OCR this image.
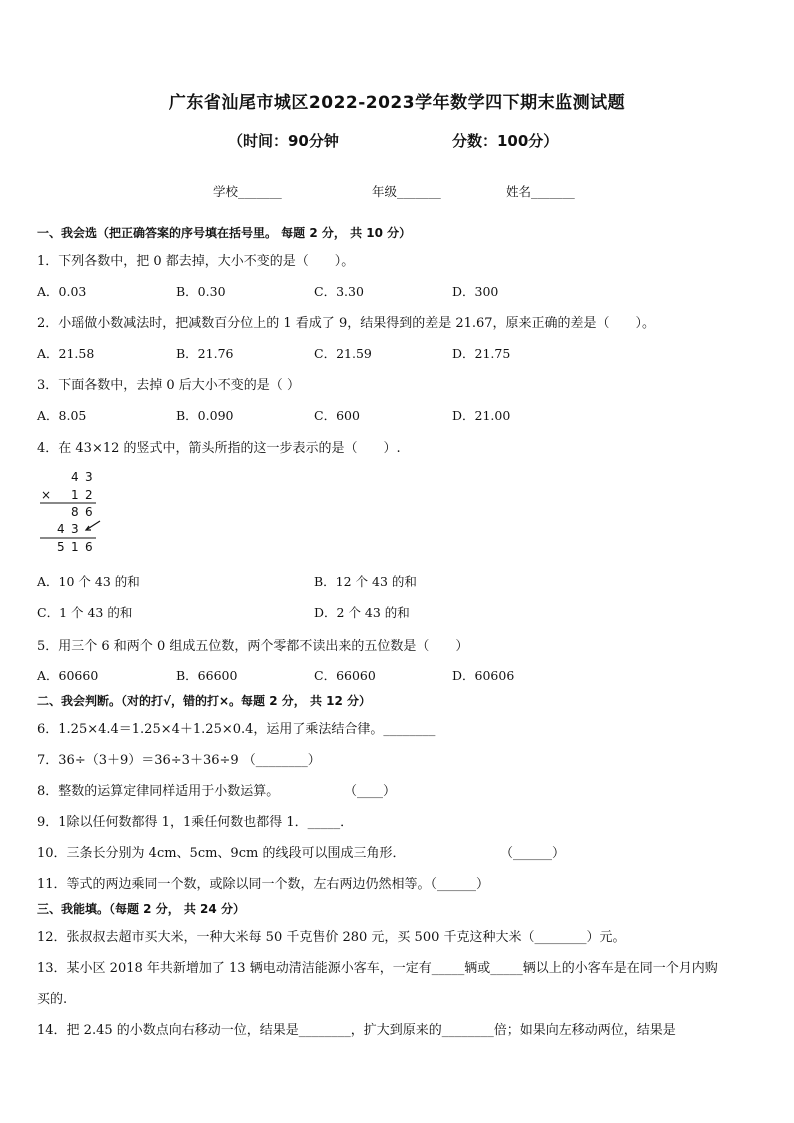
广东省汕尾市城区2022-2023学年数学四下期末监测试题
（时间：90分钟	分数：100分）
学校_______	年级_______	姓名_______
一、我会选（把正确答案的序号填在括号里。 每题 2 分， 共 10 分）
1．下列各数中，把 0 都去掉，大小不变的是（　　）。
A．0.03	B．0.30	C．3.30	D．300
2．小瑶做小数减法时，把减数百分位上的 1 看成了 9，结果得到的差是 21.67，原来正确的差是（　　）。
A．21.58	B．21.76	C．21.59	D．21.75
3．下面各数中，去掉 0 后大小不变的是（ ）
A．8.05	B．0.090	C．600	D．21.00
4．在 43×12 的竖式中，箭头所指的这一步表示的是（　　）.
4 3
× 1 2
8 6
4 3
5 1 6
A．10 个 43 的和	B．12 个 43 的和
C．1 个 43 的和	D．2 个 43 的和
5．用三个 6 和两个 0 组成五位数，两个零都不读出来的五位数是（　　）
A．60660	B．66600	C．66060	D．60606
二、我会判断。（对的打√，错的打×。每题 2 分， 共 12 分）
6．1.25×4.4＝1.25×4＋1.25×0.4，运用了乘法结合律。________
7．36÷（3＋9）＝36÷3＋36÷9 （________）
8．整数的运算定律同样适用于小数运算。	（____）
9．1除以任何数都得 1，1乘任何数也都得 1．_____．
10．三条长分别为 4cm、5cm、9cm 的线段可以围成三角形．	（______）
11．等式的两边乘同一个数，或除以同一个数，左右两边仍然相等。（______）
三、我能填。（每题 2 分， 共 24 分）
12．张叔叔去超市买大米，一种大米每 50 千克售价 280 元，买 500 千克这种大米（________）元。
13．某小区 2018 年共新增加了 13 辆电动清洁能源小客车，一定有_____辆或_____辆以上的小客车是在同一个月内购
买的.
14．把 2.45 的小数点向右移动一位，结果是________，扩大到原来的________倍；如果向左移动两位，结果是
